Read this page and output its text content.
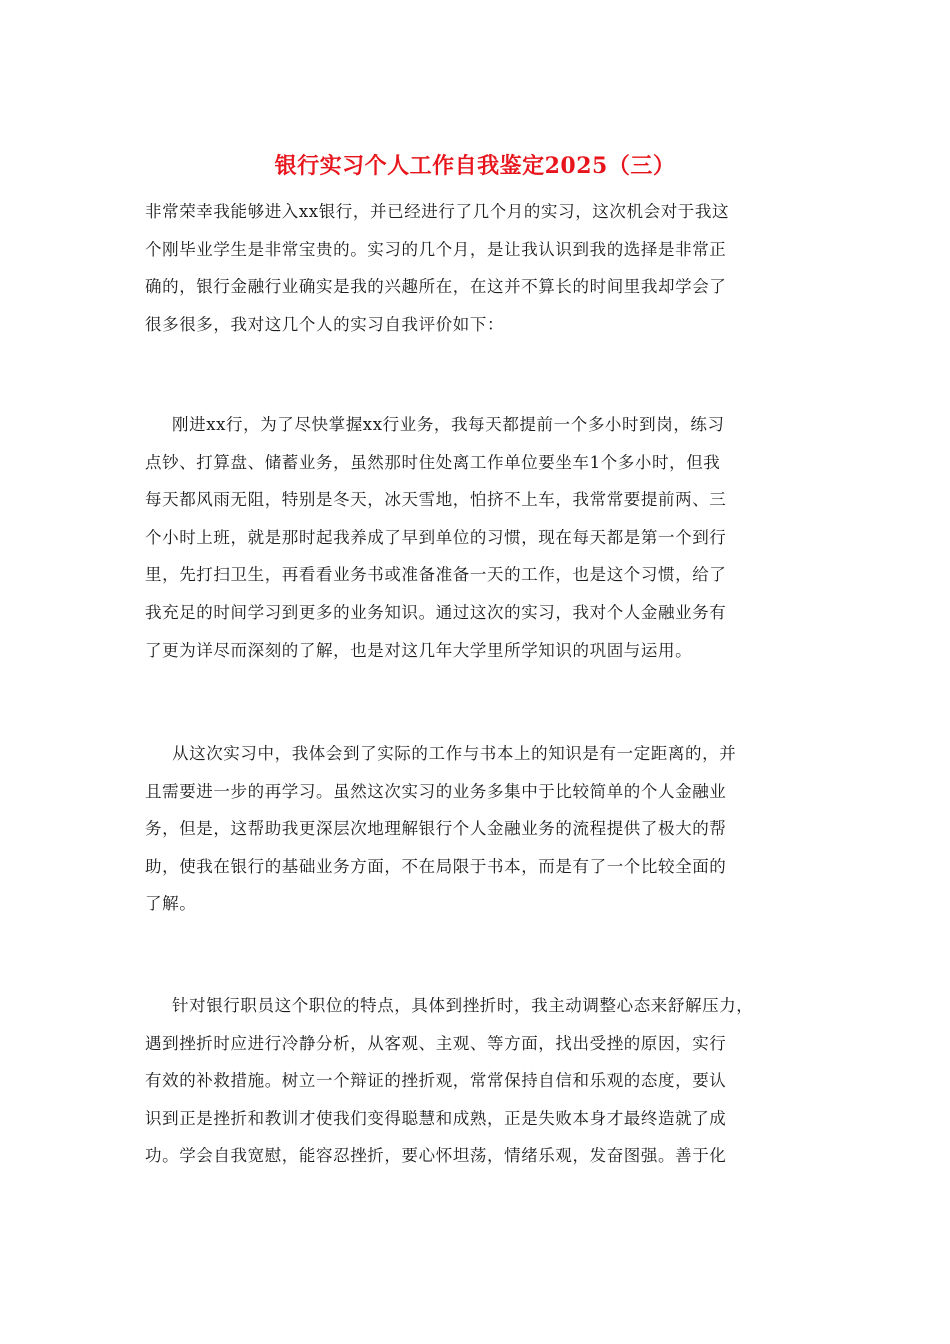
银行实习个人工作自我鉴定2025（三）
非常荣幸我能够进入xx银行，并已经进行了几个月的实习，这次机会对于我这
个刚毕业学生是非常宝贵的。实习的几个月，是让我认识到我的选择是非常正
确的，银行金融行业确实是我的兴趣所在，在这并不算长的时间里我却学会了
很多很多，我对这几个人的实习自我评价如下：
刚进xx行，为了尽快掌握xx行业务，我每天都提前一个多小时到岗，练习
点钞、打算盘、储蓄业务，虽然那时住处离工作单位要坐车1个多小时，但我
每天都风雨无阻，特别是冬天，冰天雪地，怕挤不上车，我常常要提前两、三
个小时上班，就是那时起我养成了早到单位的习惯，现在每天都是第一个到行
里，先打扫卫生，再看看业务书或准备准备一天的工作，也是这个习惯，给了
我充足的时间学习到更多的业务知识。通过这次的实习，我对个人金融业务有
了更为详尽而深刻的了解，也是对这几年大学里所学知识的巩固与运用。
从这次实习中，我体会到了实际的工作与书本上的知识是有一定距离的，并
且需要进一步的再学习。虽然这次实习的业务多集中于比较简单的个人金融业
务，但是，这帮助我更深层次地理解银行个人金融业务的流程提供了极大的帮
助，使我在银行的基础业务方面，不在局限于书本，而是有了一个比较全面的
了解。
针对银行职员这个职位的特点，具体到挫折时，我主动调整心态来舒解压力，
遇到挫折时应进行冷静分析，从客观、主观、等方面，找出受挫的原因，实行
有效的补救措施。树立一个辩证的挫折观，常常保持自信和乐观的态度，要认
识到正是挫折和教训才使我们变得聪慧和成熟，正是失败本身才最终造就了成
功。学会自我宽慰，能容忍挫折，要心怀坦荡，情绪乐观，发奋图强。善于化
